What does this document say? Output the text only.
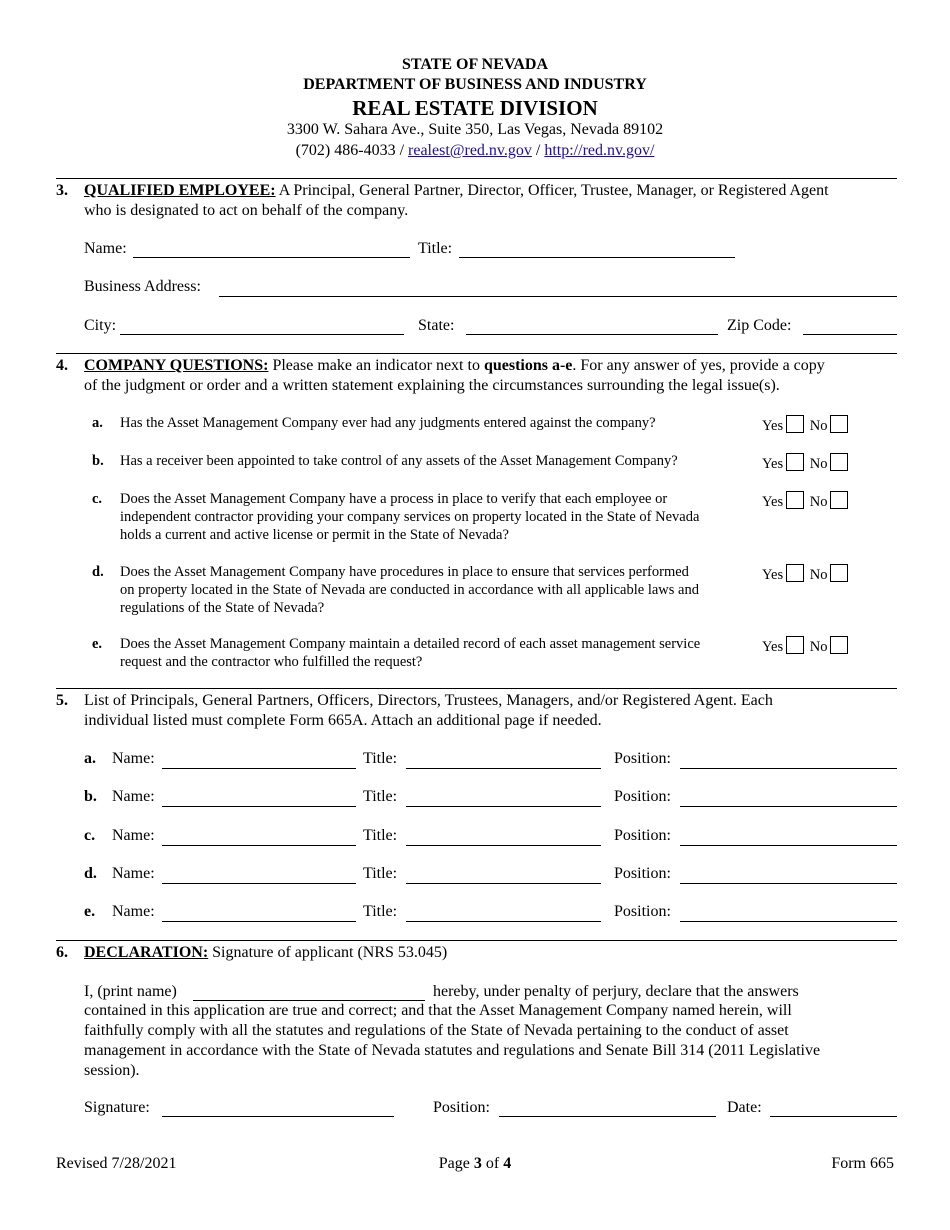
STATE OF NEVADA
DEPARTMENT OF BUSINESS AND INDUSTRY
REAL ESTATE DIVISION
3300 W. Sahara Ave., Suite 350, Las Vegas, Nevada 89102
(702) 486-4033 / realest@red.nv.gov / http://red.nv.gov/
3. QUALIFIED EMPLOYEE: A Principal, General Partner, Director, Officer, Trustee, Manager, or Registered Agent
who is designated to act on behalf of the company.
Name:	Title:
Business Address:
City:	State:	Zip Code:
4. COMPANY QUESTIONS: Please make an indicator next to questions a-e. For any answer of yes, provide a copy
of the judgment or order and a written statement explaining the circumstances surrounding the legal issue(s).
a. Has the Asset Management Company ever had any judgments entered against the company?	Yes No
b. Has a receiver been appointed to take control of any assets of the Asset Management Company?	Yes No
c. Does the Asset Management Company have a process in place to verify that each employee or
independent contractor providing your company services on property located in the State of Nevada
holds a current and active license or permit in the State of Nevada?
Yes No
d. Does the Asset Management Company have procedures in place to ensure that services performed
on property located in the State of Nevada are conducted in accordance with all applicable laws and
regulations of the State of Nevada?
Yes No
e. Does the Asset Management Company maintain a detailed record of each asset management service
request and the contractor who fulfilled the request?
Yes No
5. List of Principals, General Partners, Officers, Directors, Trustees, Managers, and/or Registered Agent. Each
individual listed must complete Form 665A. Attach an additional page if needed.
a. Name:	Title:	Position:
b. Name:	Title:	Position:
c. Name:	Title:	Position:
d. Name:	Title:	Position:
e. Name:	Title:	Position:
6. DECLARATION: Signature of applicant (NRS 53.045)
I, (print name)	hereby, under penalty of perjury, declare that the answers
contained in this application are true and correct; and that the Asset Management Company named herein, will
faithfully comply with all the statutes and regulations of the State of Nevada pertaining to the conduct of asset
management in accordance with the State of Nevada statutes and regulations and Senate Bill 314 (2011 Legislative
session).
Signature:	Position:	Date:
Revised 7/28/2021	Page 3 of 4	Form 665
